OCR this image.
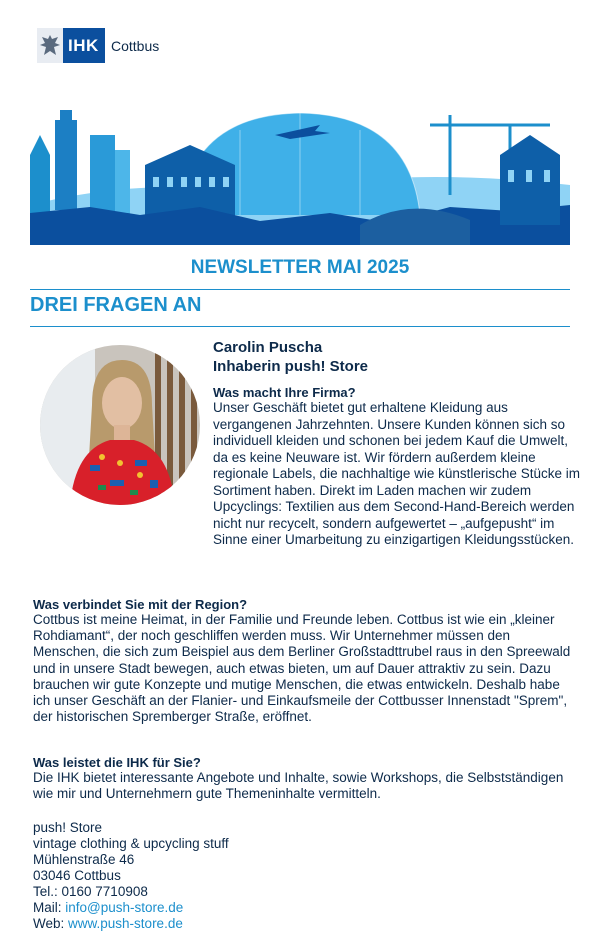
IHK Cottbus
NEWSLETTER MAI 2025
DREI FRAGEN AN
Carolin Puscha
Inhaberin push! Store
Was macht Ihre Firma?
Unser Geschäft bietet gut erhaltene Kleidung aus vergangenen Jahrzehnten. Unsere Kunden können sich so individuell kleiden und schonen bei jedem Kauf die Umwelt, da es keine Neuware ist. Wir fördern außerdem kleine regionale Labels, die nachhaltige wie künstlerische Stücke im Sortiment haben. Direkt im Laden machen wir zudem Upcyclings: Textilien aus dem Second-Hand-Bereich werden nicht nur recycelt, sondern aufgewertet – „aufgepusht“ im Sinne einer Umarbeitung zu einzigartigen Kleidungsstücken.
Was verbindet Sie mit der Region?
Cottbus ist meine Heimat, in der Familie und Freunde leben. Cottbus ist wie ein „kleiner Rohdiamant“, der noch geschliffen werden muss. Wir Unternehmer müssen den Menschen, die sich zum Beispiel aus dem Berliner Großstadttrubel raus in den Spreewald und in unsere Stadt bewegen, auch etwas bieten, um auf Dauer attraktiv zu sein. Dazu brauchen wir gute Konzepte und mutige Menschen, die etwas entwickeln. Deshalb habe ich unser Geschäft an der Flanier- und Einkaufsmeile der Cottbusser Innenstadt "Sprem", der historischen Spremberger Straße, eröffnet.
Was leistet die IHK für Sie?
Die IHK bietet interessante Angebote und Inhalte, sowie Workshops, die Selbstständigen wie mir und Unternehmern gute Themeninhalte vermitteln.
push! Store
vintage clothing & upcycling stuff
Mühlenstraße 46
03046 Cottbus
Tel.: 0160 7710908
Mail: info@push-store.de
Web: www.push-store.de
